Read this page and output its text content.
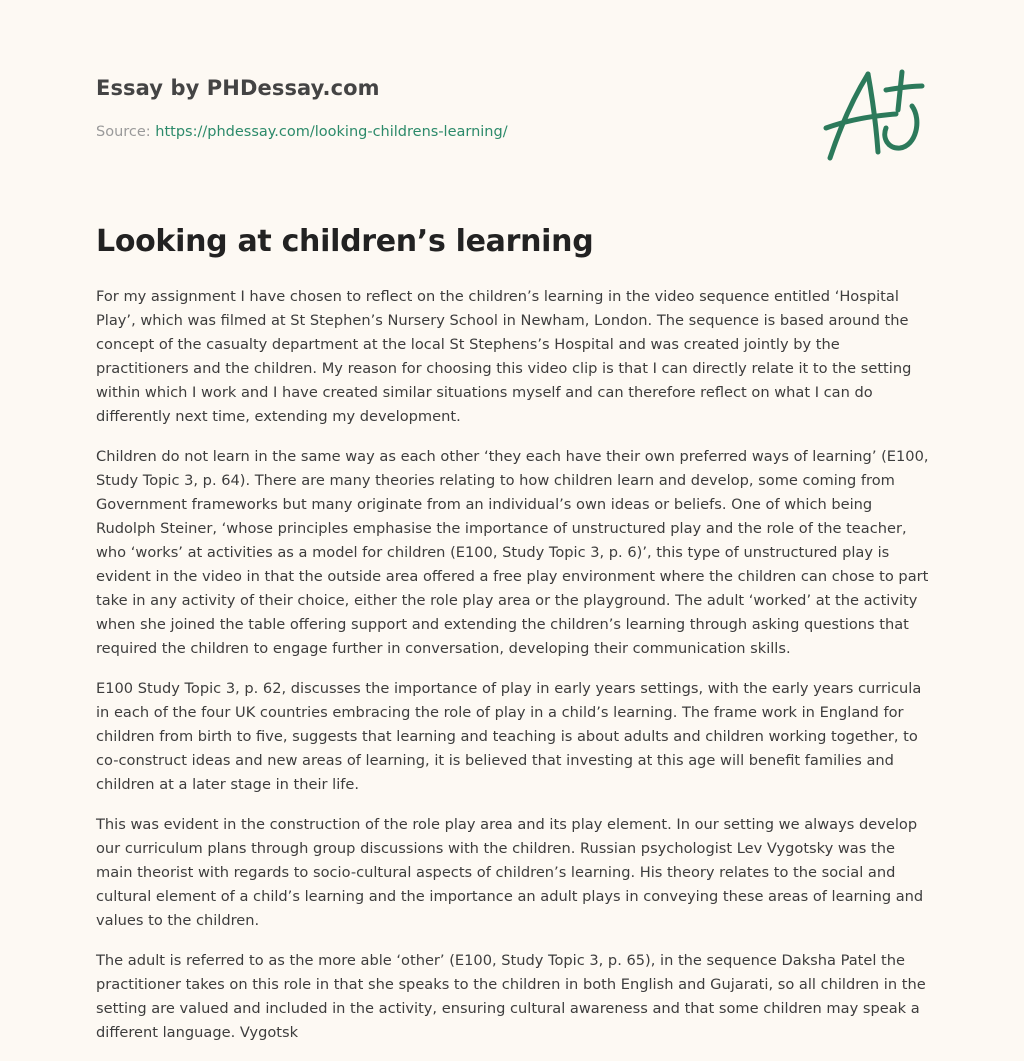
Essay by PHDessay.com
Source: https://phdessay.com/looking-childrens-learning/
Looking at children’s learning

For my assignment I have chosen to reflect on the children’s learning in the video sequence entitled ‘Hospital Play’, which was filmed at St Stephen’s Nursery School in Newham, London. The sequence is based around the concept of the casualty department at the local St Stephens’s Hospital and was created jointly by the practitioners and the children. My reason for choosing this video clip is that I can directly relate it to the setting within which I work and I have created similar situations myself and can therefore reflect on what I can do differently next time, extending my development.

Children do not learn in the same way as each other ‘they each have their own preferred ways of learning’ (E100, Study Topic 3, p. 64). There are many theories relating to how children learn and develop, some coming from Government frameworks but many originate from an individual’s own ideas or beliefs. One of which being Rudolph Steiner, ‘whose principles emphasise the importance of unstructured play and the role of the teacher, who ‘works’ at activities as a model for children (E100, Study Topic 3, p. 6)’, this type of unstructured play is evident in the video in that the outside area offered a free play environment where the children can chose to part take in any activity of their choice, either the role play area or the playground. The adult ‘worked’ at the activity when she joined the table offering support and extending the children’s learning through asking questions that required the children to engage further in conversation, developing their communication skills.

E100 Study Topic 3, p. 62, discusses the importance of play in early years settings, with the early years curricula in each of the four UK countries embracing the role of play in a child’s learning. The frame work in England for children from birth to five, suggests that learning and teaching is about adults and children working together, to co-construct ideas and new areas of learning, it is believed that investing at this age will benefit families and children at a later stage in their life.

This was evident in the construction of the role play area and its play element. In our setting we always develop our curriculum plans through group discussions with the children. Russian psychologist Lev Vygotsky was the main theorist with regards to socio-cultural aspects of children’s learning. His theory relates to the social and cultural element of a child’s learning and the importance an adult plays in conveying these areas of learning and values to the children.

The adult is referred to as the more able ‘other’ (E100, Study Topic 3, p. 65), in the sequence Daksha Patel the practitioner takes on this role in that she speaks to the children in both English and Gujarati, so all children in the setting are valued and included in the activity, ensuring cultural awareness and that some children may speak a different language. Vygotsk
